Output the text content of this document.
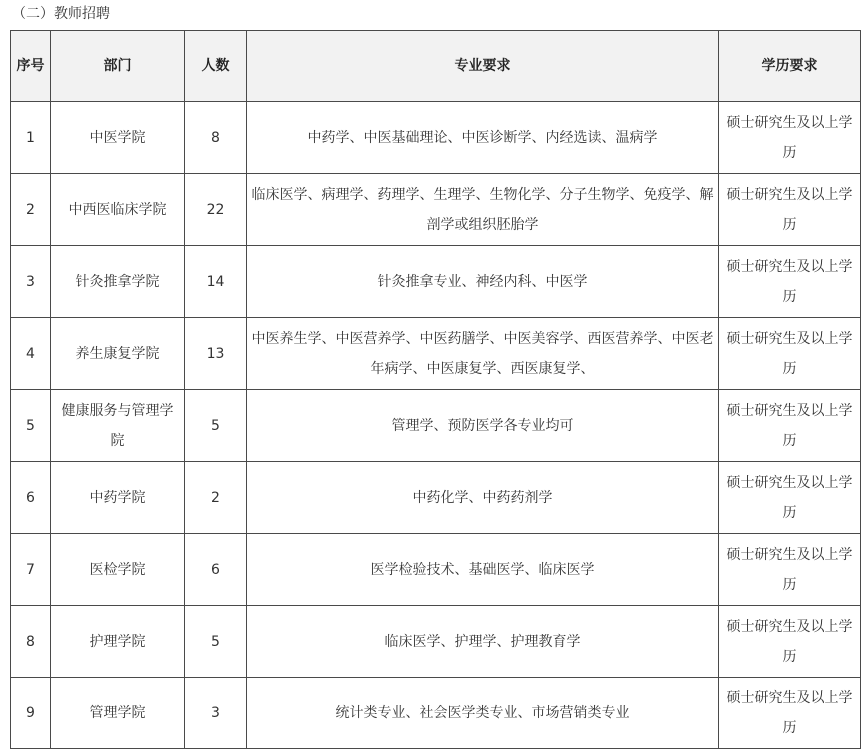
（二）教师招聘
序号	部门	人数	专业要求	学历要求
1	中医学院	8	中药学、中医基础理论、中医诊断学、内经选读、温病学	硕士研究生及以上学历
2	中西医临床学院	22	临床医学、病理学、药理学、生理学、生物化学、分子生物学、免疫学、解剖学或组织胚胎学	硕士研究生及以上学历
3	针灸推拿学院	14	针灸推拿专业、神经内科、中医学	硕士研究生及以上学历
4	养生康复学院	13	中医养生学、中医营养学、中医药膳学、中医美容学、西医营养学、中医老年病学、中医康复学、西医康复学、	硕士研究生及以上学历
5	健康服务与管理学院	5	管理学、预防医学各专业均可	硕士研究生及以上学历
6	中药学院	2	中药化学、中药药剂学	硕士研究生及以上学历
7	医检学院	6	医学检验技术、基础医学、临床医学	硕士研究生及以上学历
8	护理学院	5	临床医学、护理学、护理教育学	硕士研究生及以上学历
9	管理学院	3	统计类专业、社会医学类专业、市场营销类专业	硕士研究生及以上学历
